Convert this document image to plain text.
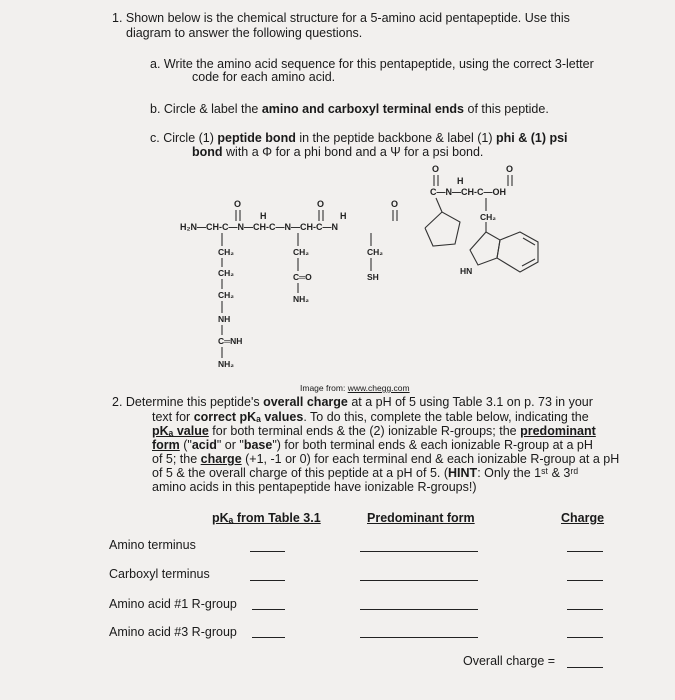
1. Shown below is the chemical structure for a 5-amino acid pentapeptide. Use this
diagram to answer the following questions.
a. Write the amino acid sequence for this pentapeptide, using the correct 3-letter
code for each amino acid.
b. Circle & label the amino and carboxyl terminal ends of this peptide.
c. Circle (1) peptide bond in the peptide backbone & label (1) phi & (1) psi
bond with a Φ for a phi bond and a Ψ for a psi bond.
O	O
H
C—N—CH-C—OH
CH₂
O	O	O
H	H
H₂N—CH-C—N—CH-C—N—CH-C—N
CH₂
CH₂
CH₂
NH
C═NH
NH₂
CH₂
C═O
NH₂
CH₂
SH
HN
Image from: www.chegg.com
2. Determine this peptide's overall charge at a pH of 5 using Table 3.1 on p. 73 in your
text for correct pKₐ values. To do this, complete the table below, indicating the
pKₐ value for both terminal ends & the (2) ionizable R-groups; the predominant
form ("acid" or "base") for both terminal ends & each ionizable R-group at a pH
of 5; the charge (+1, -1 or 0) for each terminal end & each ionizable R-group at a pH
of 5 & the overall charge of this peptide at a pH of 5. (HINT: Only the 1ˢᵗ & 3ʳᵈ
amino acids in this pentapeptide have ionizable R-groups!)
pKₐ from Table 3.1	Predominant form	Charge
Amino terminus
Carboxyl terminus
Amino acid #1 R-group
Amino acid #3 R-group
Overall charge =
